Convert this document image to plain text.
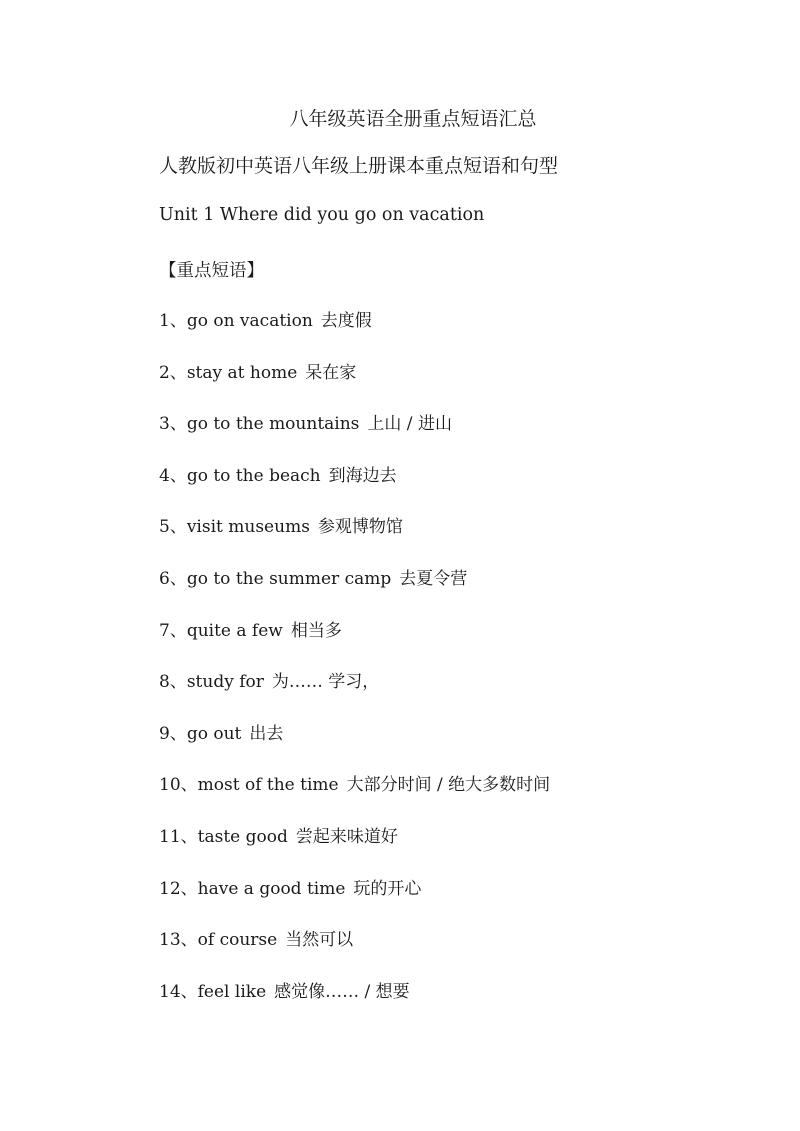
八年级英语全册重点短语汇总

人教版初中英语八年级上册课本重点短语和句型

Unit 1 Where did you go on vacation

【重点短语】

1、go on vacation 去度假
2、stay at home 呆在家
3、go to the mountains 上山 / 进山
4、go to the beach 到海边去
5、visit museums 参观博物馆
6、go to the summer camp 去夏令营
7、quite a few 相当多
8、study for 为…… 学习，
9、go out 出去
10、most of the time 大部分时间 / 绝大多数时间
11、taste good 尝起来味道好
12、have a good time 玩的开心
13、of course 当然可以
14、feel like 感觉像…… / 想要
